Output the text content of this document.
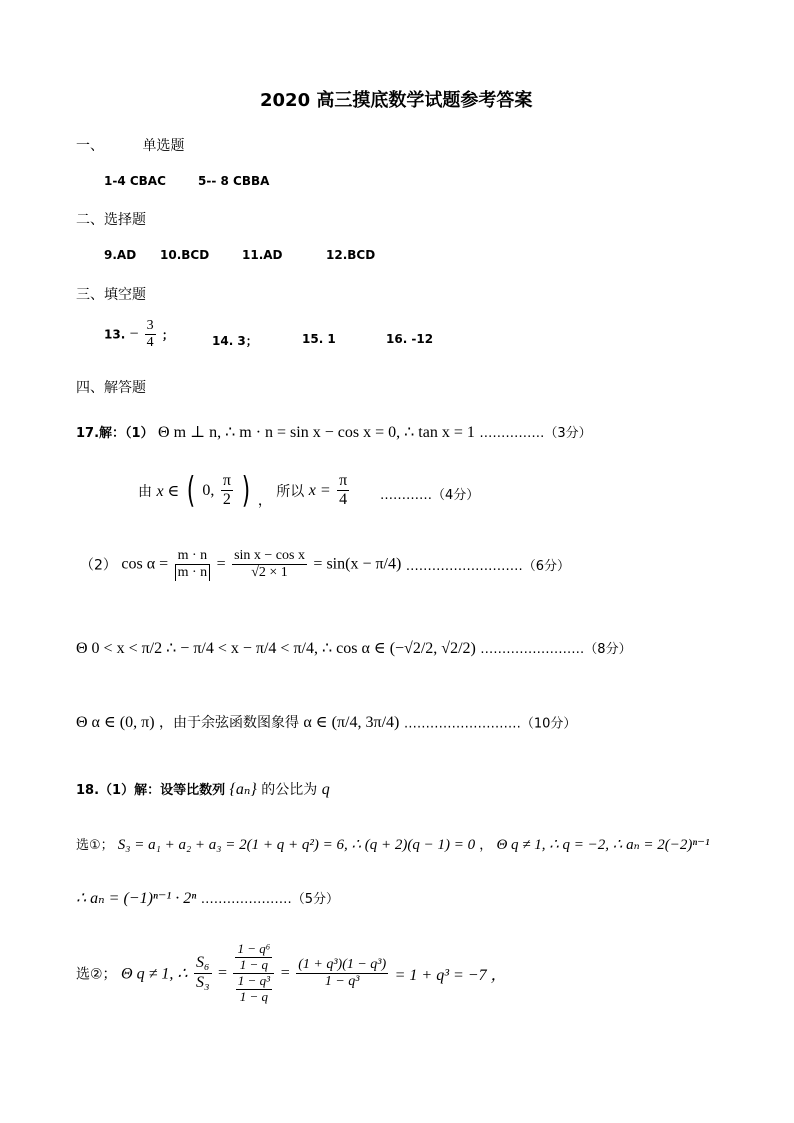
2020 高三摸底数学试题参考答案
一、	单选题
1-4 CBAC	5-- 8 CBBA
二、选择题
9.AD 10.BCD	11.AD	12.BCD
三、填空题
13. − $\frac{3}{4}$ ；	14. 3；	15. 1	16. -12
四、解答题
17.解：（1） Θ m ⊥ n, ∴ m · n = sin x − cos x = 0, ∴ tan x = 1 ……………（3分）
由 x ∈ ( 0, $\frac{\pi}{2}$ ) ， 所以 $x = \frac{\pi}{4}$ …………（4分）
（2） $\cos \alpha = \frac{m \cdot n}{m \cdot n} = \frac{\text{sin x − cos x}}{√2 \times 1} = \sin(x - \pi/4)$ ………………………（6分）
Θ 0 < x < π/2 ∴ − π/4 < x − π/4 < π/4, ∴ cos α ∈ (−√2/2, √2/2) ……………………（8分）
Θ α ∈ (0, π) ，由于余弦函数图象得 α ∈ (π/4, 3π/4) ………………………（10分）
18.（1）解：设等比数列 {aₙ} 的公比为 q
选①； S₃ = a₁ + a₂ + a₃ = 2(1 + q + q²) = 6, ∴ (q + 2)(q − 1) = 0 ， Θ q ≠ 1, ∴ q = −2, ∴ aₙ = 2(−2)ⁿ⁻¹
∴ aₙ = (−1)ⁿ⁻¹ · 2ⁿ …………………（5分）
选②； Θ q ≠ 1, ∴ $\frac{\text{S₆}}{\text{S₃}} = \frac{\frac{\text{1 − q⁶}}{1 - q}}{\frac{\text{1 − q³}}{1 - q}} = \frac{\text{(1 + q³)(1 − q³)}}{\text{1 − q³}} = 1 + q^3 = -7$ ，
